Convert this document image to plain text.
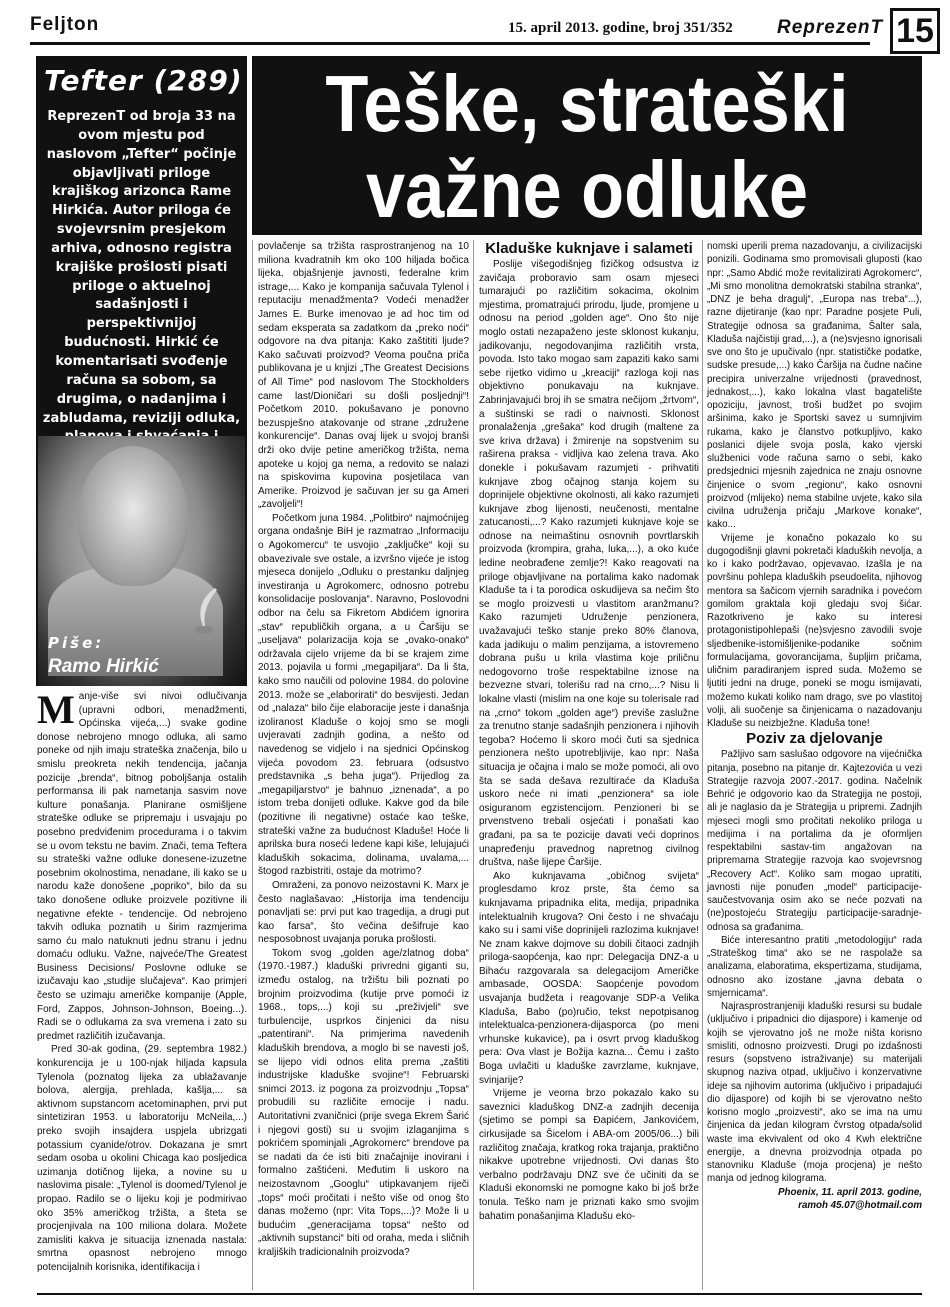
Feljton	15. april 2013. godine, broj 351/352 ReprezenT 15
Tefter (289)
ReprezenT od broja 33 na ovom mjestu pod naslovom „Tefter“ počinje objavljivati priloge krajiškog arizonca Rame Hirkića. Autor priloga će svojevrsnim presjekom arhiva, odnosno registra krajiške prošlosti pisati priloge o aktuelnoj sadašnjosti i perspektivnijoj budućnosti. Hirkić će komentarisati svođenje računa sa sobom, sa drugima, o nadanjima i zabludama, reviziji odluka,
Piše:
Ramo Hirkić
Teške, strateški
važne odluke

Manje-više svi nivoi odlučivanja (upravni odbori, menadžmenti, Općinska vijeća,...) svake godine donose nebrojeno mnogo odluka, ali samo poneke od njih imaju strateška značenja, bilo u smislu preokreta nekih tendencija, jačanja pozicije „brenda“, bitnog poboljšanja ostalih performansa ili pak nametanja sasvim nove kulture ponašanja. Planirane osmišljene strateške odluke se pripremaju i usvajaju po posebno predviđenim procedurama i o takvim se u ovom tekstu ne bavim. Znači, tema Teftera su strateški važne odluke donesene-izuzetne posebnim okolnostima, nenadane, ili kako se u narodu kaže donošene „popriko“, bilo da su tako donošene odluke proizvele pozitivne ili negativne efekte - tendencije. Od nebrojeno takvih odluka poznatih u širim razmjerima samo ću malo natuknuti jednu stranu i jednu domaću odluku. Važne, najveće/The Greatest Business Decisions/ Poslovne odluke se izučavaju kao „studije slučajeva“. Kao primjeri često se uzimaju američke kompanije (Apple, Ford, Zappos, Johnson-Johnson, Boeing...). Radi se o odlukama za sva vremena i zato su predmet različitih izučavanja.

Pred 30-ak godina, (29. septembra 1982.) konkurencija je u 100-njak hiljada kapsula Tylenola (poznatog lijeka za ublažavanje bolova, alergija, prehlada, kašlja,... sa aktivnom supstancom acetominaphen, prvi put sintetiziran 1953. u laboratoriju McNeila,...) preko svojih insajdera uspjela ubrizgati potassium cyanide/otrov. Dokazana je smrt sedam osoba u okolini Chicaga kao posljedica uzimanja dotičnog lijeka, a novine su u naslovima pisale: „Tylenol is doomed/Tylenol je propao. Radilo se o lijeku koji je podmirivao oko 35% američkog tržišta, a šteta se procjenjivala na 100 miliona dolara. Možete zamisliti kakva je situacija iznenada nastala: smrtna opasnost nebrojeno mnogo potencijalnih korisnika, identifikacija i

povlačenje sa tržišta rasprostranjenog na 10 miliona kvadratnih km oko 100 hiljada bočica lijeka, objašnjenje javnosti, federalne krim istrage,... Kako je kompanija sačuvala Tylenol i reputaciju menadžmenta? Vodeći menadžer James E. Burke imenovao je ad hoc tim od sedam eksperata sa zadatkom da „preko noći“ odgovore na dva pitanja: Kako zaštititi ljude? Kako sačuvati proizvod? Veoma poučna priča publikovana je u knjizi „The Greatest Decisions of All Time“ pod naslovom The Stockholders came last/Dioničari su došli posljednji“! Početkom 2010. pokušavano je ponovno bezuspješno atakovanje od strane „združene konkurencije“. Danas ovaj lijek u svojoj branši drži oko dvije petine američkog tržišta, nema apoteke u kojoj ga nema, a redovito se nalazi na spiskovima kupovina posjetilaca van Amerike. Proizvod je sačuvan jer su ga Ameri „zavoljeli“!

Početkom juna 1984. „Politbiro“ najmoćnijeg organa ondašnje BiH je razmatrao „Informaciju o Agokomercu“ te usvojio „zaključke“ koji su obavezivale sve ostale, a izvršno vijeće je istog mjeseca donijelo „Odluku o prestanku daljnjeg investiranja u Agrokomerc, odnosno potrebu konsolidacije poslovanja“. Naravno, Poslovodni odbor na čelu sa Fikretom Abdićem ignorira „stav“ republičkih organa, a u Čaršiju se „useljava“ polarizacija koja se „ovako-onako“ održavala cijelo vrijeme da bi se krajem zime 2013. pojavila u formi „megapiljara“. Da li šta, kako smo naučili od polovine 1984. do polovine 2013. može se „elaborirati“ do besvijesti. Jedan od „nalaza“ bilo čije elaboracije jeste i današnja izoliranost Kladuše o kojoj smo se mogli uvjeravati zadnjih godina, a nešto od navedenog se vidjelo i na sjednici Općinskog vijeća povodom 23. februara (odsustvo predstavnika „s beha juga“). Prijedlog za „megapiljarstvo“ je bahnuo „iznenada“, a po istom treba donijeti odluke. Kakve god da bile (pozitivne ili negativne) ostaće kao teške, strateški važne za budućnost Kladuše! Hoće li aprilska bura noseći ledene kapi kiše, lelujajući kladuških sokacima, dolinama, uvalama,... štogod razbistriti, ostaje da motrimo?

Omraženi, za ponovo neizostavni K. Marx je često naglašavao: „Historija ima tendenciju ponavljati se: prvi put kao tragedija, a drugi put kao farsa“, što večina dešifruje kao nesposobnost uvajanja poruka prošlosti.

Tokom svog „golden age/zlatnog doba“ (1970.-1987.) kladuški privredni giganti su, između ostalog, na tržištu bili poznati po brojnim proizvodima (kutije prve pomoći iz 1968., tops,...) koji su „preživjeli“ sve turbulencije, usprkos činjenici da nisu „patentirani“. Na primjerima navedenih kladuških brendova, a moglo bi se navesti još, se lijepo vidi odnos elita prema „zaštiti industrijske kladuške svojine“! Februarski snimci 2013. iz pogona za proizvodnju „Topsa“ probudili su različite emocije i nadu. Autoritativni zvaničnici (prije svega Ekrem Šarić i njegovi gosti) su u svojim izlaganjima s pokrićem spominjali „Agrokomerc“ brendove pa se nadati da će isti biti značajnije inovirani i formalno zaštićeni. Međutim li uskoro na neizostavnom „Googlu“ utipkavanjem riječi „tops“ moći pročitati i nešto više od onog što danas možemo (npr: Vita Tops,...)? Može li u budućim „generacijama topsa“ nešto od „aktivnih supstanci“ biti od oraha, meda i sličnih kraljiških tradicionalnih proizvoda?

Kladuške kuknjave i salameti

Poslije višegodišnjeg fizičkog odsustva iz zavičaja proboravio sam osam mjeseci tumarajući po različitim sokacima, okolnim mjestima, promatrajući prirodu, ljude, promjene u odnosu na period „golden age“. Ono što nije moglo ostati nezapaženo jeste sklonost kukanju, jadikovanju, negodovanjima različitih vrsta, povoda. Isto tako mogao sam zapaziti kako sami sebe rijetko vidimo u „kreaciji“ razloga koji nas objektivno ponukavaju na kuknjave. Zabrinjavajući broj ih se smatra nečijom „žrtvom“, a suštinski se radi o naivnosti. Sklonost pronalaženja „grešaka“ kod drugih (maltene za sve kriva država) i žmirenje na sopstvenim su raširena praksa - vidljiva kao zelena trava. Ako donekle i pokušavam razumjeti - prihvatiti kuknjave zbog očajnog stanja kojem su doprinijele objektivne okolnosti, ali kako razumjeti kuknjave zbog lijenosti, neučenosti, mentalne zatucanosti,...? Kako razumjeti kuknjave koje se odnose na neimaštinu osnovnih povrtlarskih proizvoda (krompira, graha, luka,...), a oko kuće ledine neobrađene zemlje?! Kako reagovati na priloge objavljivane na portalima kako nadomak Kladuše ta i ta porodica oskudijeva sa nečim što se moglo proizvesti u vlastitom aranžmanu? Kako razumjeti Udruženje penzionera, uvažavajući teško stanje preko 80% članova, kada jadikuju o malim penzijama, a istovremeno dobrana pušu u krila vlastima koje priličnu nedogovorno troše respektabilne iznose na bezvezne stvari, tolerišu rad na crno,...? Nisu li lokalne vlasti (mislim na one koje su tolerisale rad na „crno“ tokom „golden age“) previše zaslužne za trenutno stanje sadašnjih penzionera i njihovih tegoba? Hoćemo li skoro moći čuti sa sjednica penzionera nešto upotrebljivije, kao npr: Naša situacija je očajna i malo se može pomoći, ali ovo šta se sada dešava rezultiraće da Kladuša uskoro neće ni imati „penzionera“ sa iole osiguranom egzistencijom. Penzioneri bi se prvenstveno trebali osjećati i ponašati kao građani, pa sa te pozicije davati veći doprinos unapređenju pravednog napretnog civilnog društva, naše lijepe Čaršije.

Ako kuknjavama „običnog svijeta“ proglesdamo kroz prste, šta ćemo sa kuknjavama pripadnika elita, medija, pripadnika intelektualnih krugova? Oni često i ne shvaćaju kako su i sami više doprinijeli razlozima kuknjave! Ne znam kakve dojmove su dobili čitaoci zadnjih priloga-saopćenja, kao npr: Delegacija DNZ-a u Bihaću razgovarala sa delegacijom Američke ambasade, OOSDA: Saopćenje povodom usvajanja budžeta i reagovanje SDP-a Velika Kladuša, Babo (po)ručio, tekst nepotpisanog intelektualca-penzionera-dijasporca (po meni vrhunske kukavice), pa i osvrt prvog kladuškog pera: Ova vlast je Božija kazna... Čemu i zašto Boga uvlačiti u kladuške zavrzlame, kuknjave, svinjarije?

Vrijeme je veoma brzo pokazalo kako su saveznici kladuškog DNZ-a zadnjih decenija (sjetimo se pompi sa Đapićem, Jankovićem, cirkusijade sa Šicelom i ABA-om 2005/06...) bili različitog značaja, kratkog roka trajanja, praktično nikakve upotrebne vrijednosti. Ovi danas što verbalno podržavaju DNZ sve će učiniti da se Kladuši ekonomski ne pomogne kako bi još brže tonula. Teško nam je priznati kako smo svojim bahatim ponašanjima Kladušu eko-

nomski uperili prema nazadovanju, a civilizacijski ponizili. Godinama smo promovisali gluposti (kao npr: „Samo Abdić može revitalizirati Agrokomerc“, „Mi smo monolitna demokratski stabilna stranka“, „DNZ je beha dragulj“, „Europa nas treba“...), razne dijetiranje (kao npr: Paradne posjete Puli, Strategije odnosa sa građanima, Šalter sala, Kladuša najčistiji grad,...), a (ne)svjesno ignorisali sve ono što je upučivalo (npr. statističke podatke, sudske presude,...) kako Čaršija na čudne načine precipira univerzalne vrijednosti (pravednost, jednakost,...), kako lokalna vlast bagatelište opoziciju, javnost, troši budžet po svojim aršinima, kako je Sportski savez u sumnjivim rukama, kako je članstvo potkupljivo, kako poslanici dijele svoja posla, kako vjerski službenici vode računa samo o sebi, kako predsjednici mjesnih zajednica ne znaju osnovne činjenice o svom „regionu“, kako osnovni proizvod (mlijeko) nema stabilne uvjete, kako sila civilna udruženja pričaju „Markove konake“, kako...

Vrijeme je konačno pokazalo ko su dugogodišnji glavni pokretači kladuških nevolja, a ko i kako podržavao, opjevavao. Izašla je na površinu pohlepa kladuških pseudoelita, njihovog mentora sa šačicom vjernih saradnika i povećom gomilom graktala koji gledaju svoj šićar. Razotkriveno je kako su interesi protagonistipohlepaši (ne)svjesno zavodili svoje sljedbenike-istomišljenike-podanike sočnim formulacijama, govorancijama, šupljim pričama, uličnim paradiranjem ispred suda. Možemo se ljutiti jedni na druge, poneki se mogu ismijavati, možemo kukati koliko nam drago, sve po vlastitoj volji, ali suočenje sa činjenicama o nazadovanju Kladuše su neizbježne. Kladuša tone!

Poziv za djelovanje

Pažljivo sam saslušao odgovore na vijećnička pitanja, posebno na pitanje dr. Kajtezovića u vezi Strategije razvoja 2007.-2017. godina. Načelnik Behrić je odgovorio kao da Strategija ne postoji, ali je naglasio da je Strategija u pripremi. Zadnjih mjeseci mogli smo pročitati nekoliko priloga u medijima i na portalima da je oformljen respektabilni sastav-tim angažovan na pripremama Strategije razvoja kao svojevrsnog „Recovery Act“. Koliko sam mogao upratiti, javnosti nije ponuđen „model“ participacije-saučestvovanja osim ako se neće pozvati na (ne)postojeću Strategiju participacije-saradnje-odnosa sa građanima.

Biće interesantno pratiti „metodologiju“ rada „Strateškog tima“ ako se ne raspolaže sa analizama, elaboratima, ekspertizama, studijama, odnosno ako izostane „javna debata o smjernicama“.

Najrasprostranjeniji kladuški resursi su budale (uključivo i pripadnici dio dijaspore) i kamenje od kojih se vjerovatno još ne može ništa korisno smisliti, odnosno proizvesti. Drugi po izdašnosti resurs (sopstveno istraživanje) su materijali skupnog naziva otpad, uključivo i konzervativne ideje sa njihovim autorima (uključivo i pripadajući dio dijaspore) od kojih bi se vjerovatno nešto korisno moglo „proizvesti“, ako se ima na umu činjenica da jedan kilogram čvrstog otpada/solid waste ima ekvivalent od oko 4 Kwh električne energije, a dnevna proizvodnja otpada po stanovniku Kladuše (moja procjena) je nešto manja od jednog kilograma.

Phoenix, 11. april 2013. godine,

ramoh 45.07@hotmail.com
